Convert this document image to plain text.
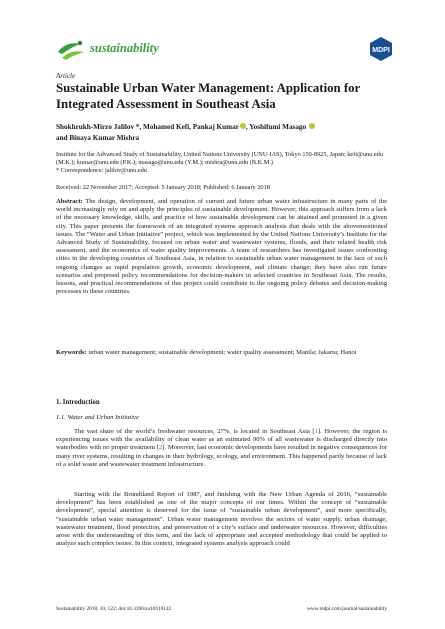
sustainability	MDPI
Article
Sustainable Urban Water Management: Application for Integrated Assessment in Southeast Asia
Shokhrukh-Mirzo Jalilov *, Mohamed Kefi, Pankaj Kumar , Yoshifumi Masago
and Binaya Kumar Mishra
Institute for the Advanced Study of Sustainability, United Nations University (UNU-IAS), Tokyo 150-8925, Japan; kefi@unu.edu (M.K.); kumar@unu.edu (P.K.); masago@unu.edu (Y.M.); mishra@unu.edu (B.K.M.)
* Correspondence: jalilov@unu.edu
Received: 22 November 2017; Accepted: 5 January 2018; Published: 6 January 2018

Abstract: The design, development, and operation of current and future urban water infrastructure in many parts of the world increasingly rely on and apply the principles of sustainable development. However, this approach suffers from a lack of the necessary knowledge, skills, and practice of how sustainable development can be attained and promoted in a given city. This paper presents the framework of an integrated systems approach analysis that deals with the abovementioned issues. The “Water and Urban Initiative” project, which was implemented by the United Nations University’s Institute for the Advanced Study of Sustainability, focused on urban water and wastewater systems, floods, and their related health risk assessment, and the economics of water quality improvements. A team of researchers has investigated issues confronting cities in the developing countries of Southeast Asia, in relation to sustainable urban water management in the face of such ongoing changes as rapid population growth, economic development, and climate change; they have also run future scenarios and proposed policy recommendations for decision-makers in selected countries in Southeast Asia. The results, lessons, and practical recommendations of this project could contribute to the ongoing policy debates and decision-making processes in these countries.

Keywords: urban water management; sustainable development; water quality assessment; Manila; Jakarta; Hanoi

1. Introduction
1.1. Water and Urban Initiative

The vast share of the world’s freshwater resources, 27%, is located in Southeast Asia [1]. However, the region is experiencing issues with the availability of clean water as an estimated 90% of all wastewater is discharged directly into waterbodies with no proper treatment [2]. Moreover, fast economic developments have resulted in negative consequences for many river systems, resulting in changes in their hydrology, ecology, and environment. This happened partly because of lack of a solid waste and wastewater treatment infrastructure.

Starting with the Brundtland Report of 1987, and finishing with the New Urban Agenda of 2016, “sustainable development” has been established as one of the major concepts of our times. Within the concept of “sustainable development”, special attention is deserved for the issue of “sustainable urban development”, and more specifically, “sustainable urban water management”. Urban water management involves the sectors of water supply, urban drainage, wastewater treatment, flood protection, and preservation of a city’s surface and underwater resources. However, difficulties arose with the understanding of this term, and the lack of appropriate and accepted methodology that could be applied to analyze such complex issues. In this context, integrated systems analysis approach could

Sustainability 2018, 10, 122; doi:10.3390/su10010122	www.mdpi.com/journal/sustainability
